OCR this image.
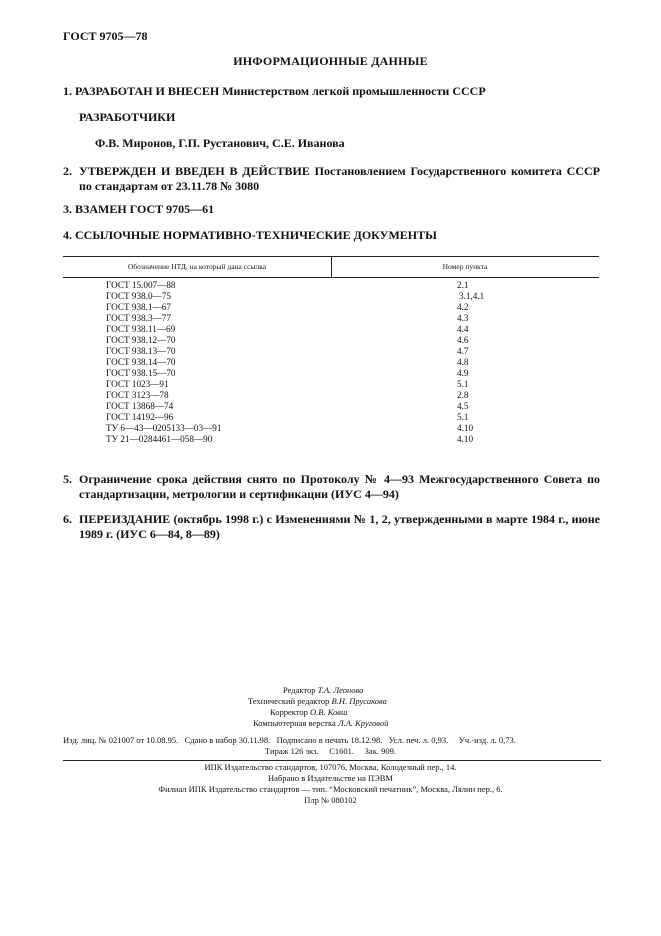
ГОСТ 9705—78
ИНФОРМАЦИОННЫЕ ДАННЫЕ
1. РАЗРАБОТАН И ВНЕСЕН Министерством легкой промышленности СССР
РАЗРАБОТЧИКИ
Ф.В. Миронов, Г.П. Рустанович, С.Е. Иванова
2. УТВЕРЖДЕН И ВВЕДЕН В ДЕЙСТВИЕ Постановлением Государственного комитета СССР по стандартам от 23.11.78 № 3080
3. ВЗАМЕН ГОСТ 9705—61
4. ССЫЛОЧНЫЕ НОРМАТИВНО-ТЕХНИЧЕСКИЕ ДОКУМЕНТЫ
Обозначение НТД, на который дана ссылка	Номер пункта
ГОСТ 15.007—88	2.1
ГОСТ 938.0—75	3.1,4.1
ГОСТ 938.1—67	4.2
ГОСТ 938.3—77	4.3
ГОСТ 938.11—69	4.4
ГОСТ 938.12—70	4.6
ГОСТ 938.13—70	4.7
ГОСТ 938.14—70	4.8
ГОСТ 938.15—70	4.9
ГОСТ 1023—91	5.1
ГОСТ 3123—78	2.8
ГОСТ 13868—74	4.5
ГОСТ 14192—96	5.1
ТУ 6—43—0205133—03—91	4.10
ТУ 21—0284461—058—90	4.10
5. Ограничение срока действия снято по Протоколу № 4—93 Межгосударственного Совета по стандартизации, метрологии и сертификации (ИУС 4—94)
6. ПЕРЕИЗДАНИЕ (октябрь 1998 г.) с Изменениями № 1, 2, утвержденными в марте 1984 г., июне 1989 г. (ИУС 6—84, 8—89)
Редактор Т.А. Леонова
Технический редактор В.Н. Прусакова
Корректор О.В. Ковш
Компьютерная верстка Л.А. Круговой
Изд. лиц. № 021007 от 10.08.95.   Сдано в набор 30.11.98.   Подписано в печать 18.12.98.   Усл. печ. л. 0,93.     Уч.-изд. л. 0,73.
Тираж 126 экз.     С1601.     Зак. 909.
ИПК Издательство стандартов, 107076, Москва, Колодезный пер., 14.
Набрано в Издательстве на ПЭВМ
Филиал ИПК Издательство стандартов — тип. “Московский печатник”, Москва, Лялин пер., 6.
Плр № 080102
